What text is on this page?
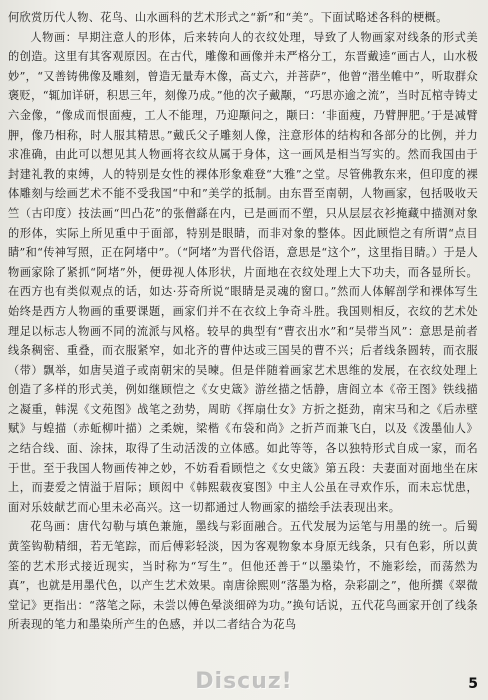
何欣赏历代人物、花鸟、山水画科的艺术形式之“新”和“美”。下面试略述各科的梗概。

人物画：早期注意人的形体，后来转向人的衣纹处理，导致了人物画家对线条的形式美的创造。这里有其客观原因。在古代，雕像和画像并未严格分工，东晋戴逵“画古人，山水极妙”，“又善铸佛像及雕刻，曾造无量寿木像，高丈六，并菩萨”，他曾“潜坐帷中”，听取群众褒贬，“辄加详研，积思三年，刻像乃成。”他的次子戴颙，“巧思亦逾之流”，当时瓦棺寺铸丈六金像，“像成而恨面瘦，工人不能理，乃迎颙问之，颙曰：‘非面瘦，乃臂胛肥。’于是减臂胛，像乃相称，时人服其精思。”戴氏父子雕刻人像，注意形体的结构和各部分的比例，并力求准确，由此可以想见其人物画将衣纹从属于身体，这一画风是相当写实的。然而我国由于封建礼教的束缚，人的特别是女性的裸体形象难登“大雅”之堂。尽管佛教东来，但印度的裸体雕刻与绘画艺术不能不受我国“中和”美学的抵制。由东晋至南朝，人物画家，包括吸收天竺（古印度）技法画“凹凸花”的张僧繇在内，已是画而不塑，只从层层衣衫掩藏中描测对象的形体，实际上所见重中于面部，特别是眼睛，而非对象的整体。因此顾恺之有所谓“点目睛”和“传神写照，正在阿堵中”。（“阿堵”为晋代俗语，意思是“这个”，这里指目睛。）于是人物画家除了紧抓“阿堵”外，便毋视人体形状，片面地在衣纹处理上大下功夫，而各显所长。在西方也有类似观点的话，如达·芬奇所说“眼睛是灵魂的窗口。”然而人体解剖学和裸体写生始终是西方人物画的重要课题，画家们并不在衣纹上争奇斗胜。我国则相反，衣纹的艺术处理足以标志人物画不同的流派与风格。较早的典型有“曹衣出水”和“吴带当风”：意思是前者线条稠密、重叠，而衣服紧窄，如北齐的曹仲达或三国吴的曹不兴；后者线条圆转，而衣服（带）飘举，如唐吴道子或南朝宋的吴暕。但是伴随着画家艺术思维的发展，在衣纹处理上创造了多样的形式美，例如继顾恺之《女史箴》游丝描之恬静，唐阎立本《帝王图》铁线描之凝重，韩滉《文苑图》战笔之劲势，周昉《挥扇仕女》方折之挺劲，南宋马和之《后赤壁赋》与蝗描（赤蚯柳叶描）之柔婉，梁楷《布袋和尚》之折芦而兼飞白，以及《泼墨仙人》之结合线、面、涂抹，取得了生动活泼的立体感。如此等等，各以独特形式自成一家，而名于世。至于我国人物画传神之妙，不妨看看顾恺之《女史箴》第五段：夫妻面对面地坐在床上，而妻爱之情溢于眉际；顾闳中《韩熙载夜宴图》中主人公虽在寻欢作乐，而未忘忧患，面对乐妓献艺而心里未必高兴。这一切都通过人物画家的描绘手法表现出来。

花鸟画：唐代勾勒与填色兼施，墨线与彩面融合。五代发展为运笔与用墨的统一。后蜀黄筌钩勒精细，若无笔踪，而后傅彩轻淡，因为客观物象本身原无线条，只有色彩，所以黄筌的艺术形式接近现实，当时称为“写生”。但他还善于“以墨染竹，不施彩绘，而荡然为真”，也就是用墨代色，以产生艺术效果。南唐徐熙则“落墨为格，杂彩副之”，他所撰《翠微堂记》更指出：“落笔之际，未尝以傅色晕淡细碎为功。”换句话说，五代花鸟画家开创了线条所表现的笔力和墨染所产生的色感，并以二者结合为花鸟

Discuz!	5
